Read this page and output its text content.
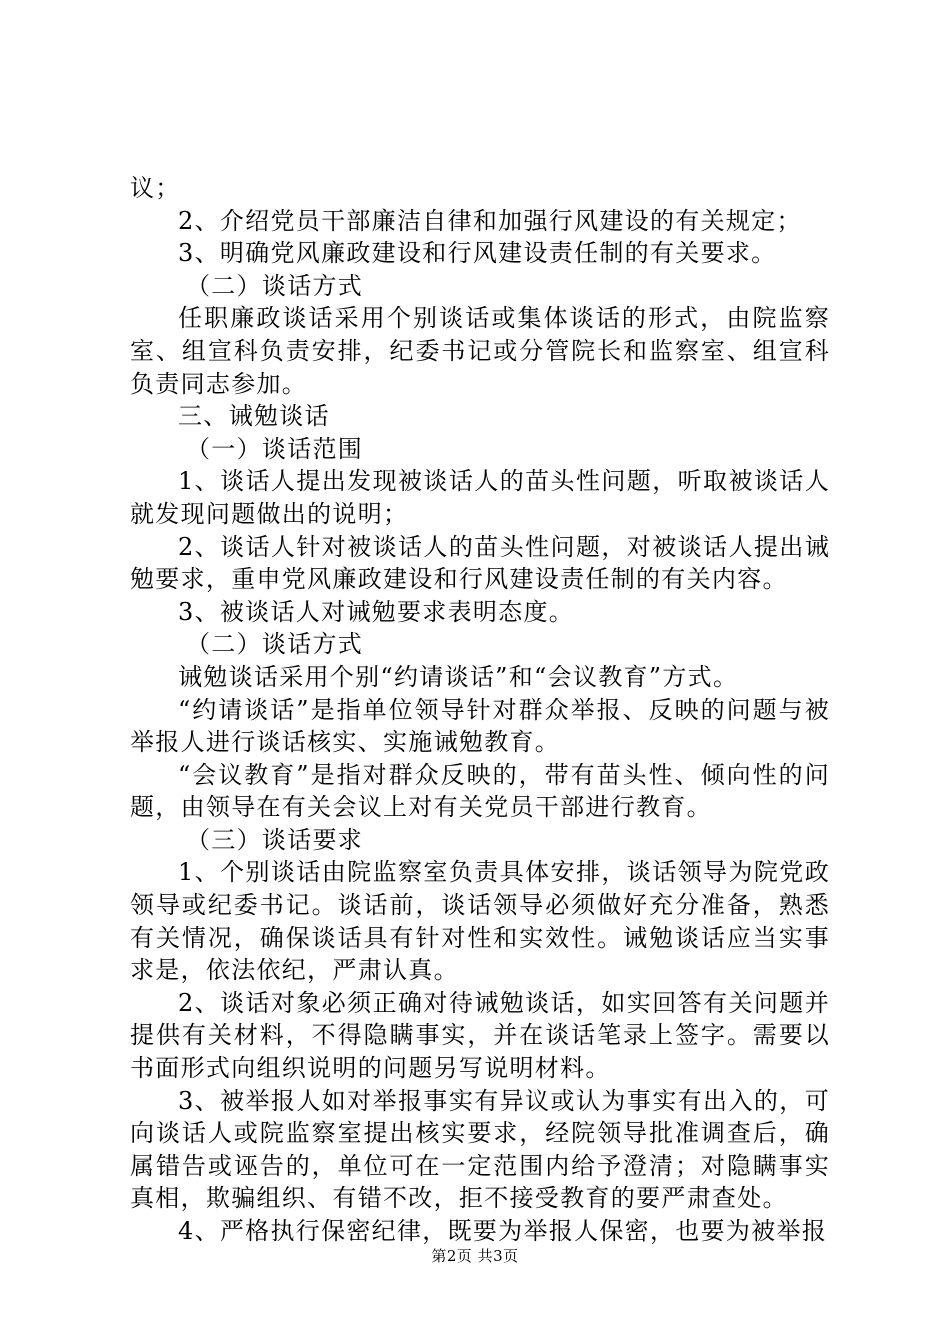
议；

2、介绍党员干部廉洁自律和加强行风建设的有关规定；

3、明确党风廉政建设和行风建设责任制的有关要求。

（二）谈话方式

任职廉政谈话采用个别谈话或集体谈话的形式，由院监察室、组宣科负责安排，纪委书记或分管院长和监察室、组宣科负责同志参加。

三、诫勉谈话

（一）谈话范围

1、谈话人提出发现被谈话人的苗头性问题，听取被谈话人就发现问题做出的说明；

2、谈话人针对被谈话人的苗头性问题，对被谈话人提出诫勉要求，重申党风廉政建设和行风建设责任制的有关内容。

3、被谈话人对诫勉要求表明态度。

（二）谈话方式

诫勉谈话采用个别“约请谈话”和“会议教育”方式。

“约请谈话”是指单位领导针对群众举报、反映的问题与被举报人进行谈话核实、实施诫勉教育。

“会议教育”是指对群众反映的，带有苗头性、倾向性的问题，由领导在有关会议上对有关党员干部进行教育。

（三）谈话要求

1、个别谈话由院监察室负责具体安排，谈话领导为院党政领导或纪委书记。谈话前，谈话领导必须做好充分准备，熟悉有关情况，确保谈话具有针对性和实效性。诫勉谈话应当实事求是，依法依纪，严肃认真。

2、谈话对象必须正确对待诫勉谈话，如实回答有关问题并提供有关材料，不得隐瞒事实，并在谈话笔录上签字。需要以书面形式向组织说明的问题另写说明材料。

3、被举报人如对举报事实有异议或认为事实有出入的，可向谈话人或院监察室提出核实要求，经院领导批准调查后，确属错告或诬告的，单位可在一定范围内给予澄清；对隐瞒事实真相，欺骗组织、有错不改，拒不接受教育的要严肃查处。

4、严格执行保密纪律，既要为举报人保密，也要为被举报

第2页 共3页
